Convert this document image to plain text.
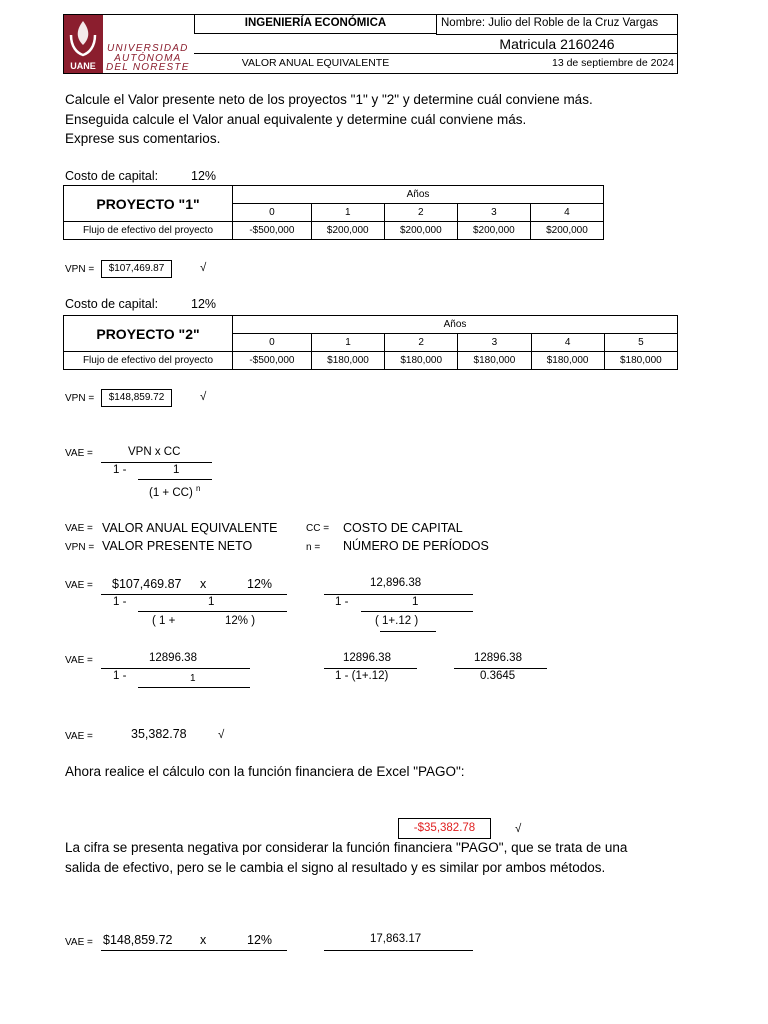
UANE
UNIVERSIDAD
AUTÓNOMA
DEL NORESTE
INGENIERÍA ECONÓMICA	Nombre: Julio del Roble de la Cruz Vargas
Matricula 2160246
VALOR ANUAL EQUIVALENTE	13 de septiembre de 2024
Calcule el Valor presente neto de los proyectos "1" y "2" y determine cuál conviene más.
Enseguida calcule el Valor anual equivalente y determine cuál conviene más.
Exprese sus comentarios.
Costo de capital:	12%
PROYECTO "1"	Años				
	0	1	2	3	4
Flujo de efectivo del proyecto	-$500,000	$200,000	$200,000	$200,000	$200,000
VPN =	$107,469.87	√
Costo de capital:	12%
PROYECTO "2"	Años					
	0	1	2	3	4	5
Flujo de efectivo del proyecto	-$500,000	$180,000	$180,000	$180,000	$180,000	$180,000
VPN =	$148,859.72	√
VAE =	VPN x CC
1 -	1
(1 + CC) $^n$
VAE = VALOR ANUAL EQUIVALENTE
VPN = VALOR PRESENTE NETO
CC = COSTO DE CAPITAL
n = NÚMERO DE PERÍODOS
VAE = $107,469.87 x	12%
1 -	1
( 1 +	12% )
12,896.38
1 -	1
( 1+.12 )
VAE =	12896.38
1 -	1
12896.38
1 - (1+.12)
12896.38
0.3645
VAE =	35,382.78	√
Ahora realice el cálculo con la función financiera de Excel "PAGO":
-$35,382.78	√
La cifra se presenta negativa por considerar la función financiera "PAGO", que se trata de una
salida de efectivo, pero se le cambia el signo al resultado y es similar por ambos métodos.
VAE = $148,859.72 x	12%	17,863.17
